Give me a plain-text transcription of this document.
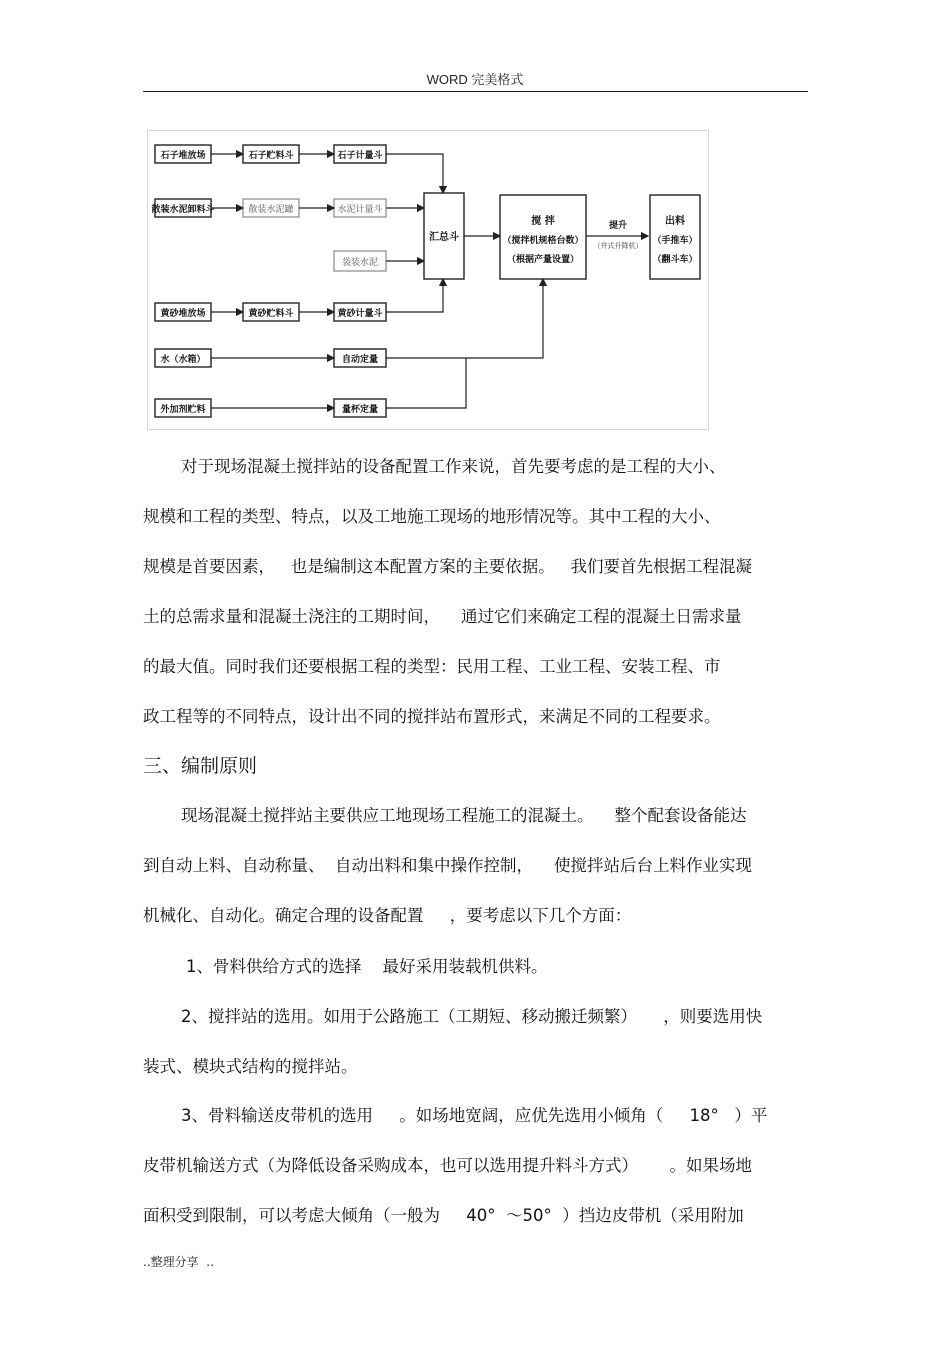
WORD 完美格式
石子堆放场	石子贮料斗	石子计量斗
散装水泥卸料斗	散装水泥罐	水泥计量斗
袋装水泥
汇总斗
黄砂堆放场	黄砂贮料斗	黄砂计量斗
搅 拌
（搅拌机规格台数）
（根据产量设置）
提升
（井式升降机）
出料
（手推车）
（翻斗车）
水（水箱）	自动定量
外加剂贮料	量杯定量
对于现场混凝土搅拌站的设备配置工作来说，首先要考虑的是工程的大小、
规模和工程的类型、特点，以及工地施工现场的地形情况等。其中工程的大小、
规模是首要因素，   也是编制这本配置方案的主要依据。   我们要首先根据工程混凝
土的总需求量和混凝土浇注的工期时间，    通过它们来确定工程的混凝土日需求量
的最大值。同时我们还要根据工程的类型：民用工程、工业工程、安装工程、市
政工程等的不同特点，设计出不同的搅拌站布置形式，来满足不同的工程要求。
三、编制原则
现场混凝土搅拌站主要供应工地现场工程施工的混凝土。    整个配套设备能达
到自动上料、自动称量、  自动出料和集中操作控制，    使搅拌站后台上料作业实现
机械化、自动化。确定合理的设备配置     ，要考虑以下几个方面：
1、骨料供给方式的选择    最好采用装载机供料。
2、搅拌站的选用。如用于公路施工（工期短、移动搬迁频繁）     ，则要选用快
装式、模块式结构的搅拌站。
3、骨料输送皮带机的选用     。如场地宽阔，应优先选用小倾角（     18°   ）平
皮带机输送方式（为降低设备采购成本，也可以选用提升料斗方式）      。如果场地
面积受到限制，可以考虑大倾角（一般为     40°  ～50°  ）挡边皮带机（采用附加
..整理分享  ..
